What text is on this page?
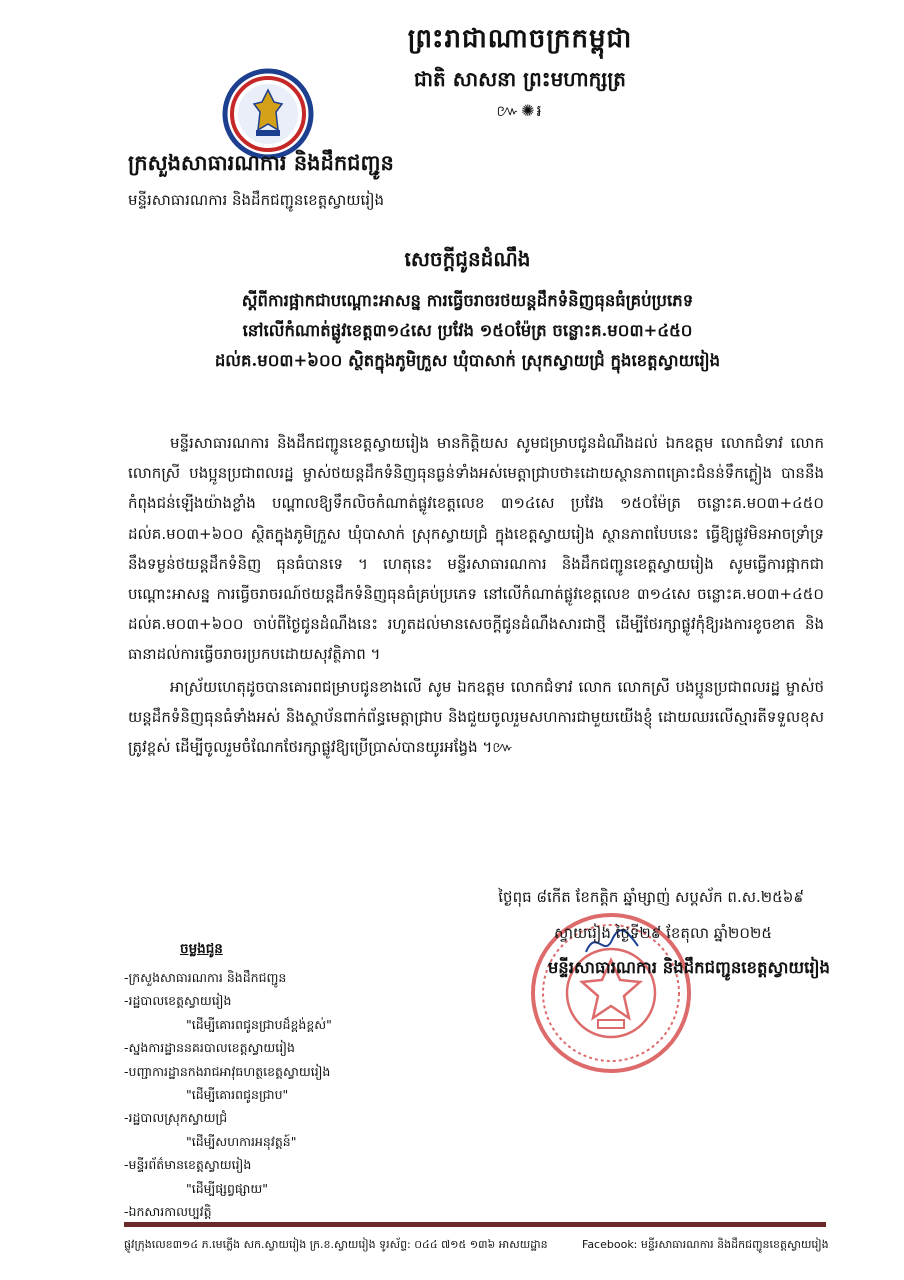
ព្រះរាជាណាចក្រកម្ពុជា
ជាតិ សាសនា ព្រះមហាក្សត្រ
៚✺៛
ក្រសួងសាធារណការ និងដឹកជញ្ជូន
មន្ទីរសាធារណការ និងដឹកជញ្ជូនខេត្តស្វាយរៀង
សេចក្ដីជូនដំណឹង
ស្ដីពីការផ្អាកជាបណ្ដោះអាសន្ន ការធ្វើចរាចរថយន្តដឹកទំនិញធុនធំគ្រប់ប្រភេទ
នៅលើកំណាត់ផ្លូវខេត្ត៣១៤សេ ប្រវែង ១៥០ម៉ែត្រ ចន្លោះគ.ម០៣+៤៥០
ដល់គ.ម០៣+៦០០ ស្ថិតក្នុងភូមិក្រួស ឃុំបាសាក់ ស្រុកស្វាយជ្រំ ក្នុងខេត្តស្វាយរៀង

មន្ទីរសាធារណការ និងដឹកជញ្ជូនខេត្តស្វាយរៀង មានកិត្តិយស សូមជម្រាបជូនដំណឹងដល់ ឯកឧត្តម លោកជំទាវ លោក លោកស្រី បងប្អូនប្រជាពលរដ្ឋ ម្ចាស់ថយន្តដឹកទំនិញធុនធ្ងន់ទាំងអស់មេត្តាជ្រាបថា៖ដោយស្ថានភាពគ្រោះជំនន់ទឹកភ្លៀង បាននឹងកំពុងជន់ឡើងយ៉ាងខ្លាំង បណ្ដាលឱ្យទឹកលិចកំណាត់ផ្លូវខេត្តលេខ ៣១៤សេ ប្រវែង ១៥០ម៉ែត្រ ចន្លោះគ.ម០៣+៤៥០ ដល់គ.ម០៣+៦០០ ស្ថិតក្នុងភូមិក្រួស ឃុំបាសាក់ ស្រុកស្វាយជ្រំ ក្នុងខេត្តស្វាយរៀង ស្ថានភាពបែបនេះ ធ្វើឱ្យផ្លូវមិនអាចទ្រាំទ្រនឹងទម្ងន់ថយន្តដឹកទំនិញ ធុនធំបានទេ ។ ហេតុនេះ មន្ទីរសាធារណការ និងដឹកជញ្ជូនខេត្តស្វាយរៀង សូមធ្វើការផ្អាកជាបណ្ដោះអាសន្ន ការធ្វើចរាចរណ៍ថយន្តដឹកទំនិញធុនធំគ្រប់ប្រភេទ នៅលើកំណាត់ផ្លូវខេត្តលេខ ៣១៤សេ ចន្លោះគ.ម០៣+៤៥០ ដល់គ.ម០៣+៦០០ ចាប់ពីថ្ងៃជូនដំណឹងនេះ រហូតដល់មានសេចក្ដីជូនដំណឹងសារជាថ្មី ដើម្បីថែរក្សាផ្លូវកុំឱ្យរងការខូចខាត និងធានាដល់ការធ្វើចរាចរប្រកបដោយសុវត្ថិភាព ។

អាស្រ័យហេតុដូចបានគោរពជម្រាបជូនខាងលើ សូម ឯកឧត្តម លោកជំទាវ លោក លោកស្រី បងប្អូនប្រជាពលរដ្ឋ ម្ចាស់ថយន្តដឹកទំនិញធុនធំទាំងអស់ និងស្ថាប័នពាក់ព័ន្ធមេត្តាជ្រាប និងជួយចូលរួមសហការជាមួយយើងខ្ញុំ ដោយឈរលើស្មារតីទទួលខុសត្រូវខ្ពស់ ដើម្បីចូលរួមចំណែកថែរក្សាផ្លូវឱ្យប្រើប្រាស់បានយូរអង្វែង ។៚

ចម្លងជូន
-ក្រសួងសាធារណការ និងដឹកជញ្ជូន
-រដ្ឋបាលខេត្តស្វាយរៀង
"ដើម្បីគោរពជូនជ្រាបដ៏ខ្ពង់ខ្ពស់"
-ស្នងការដ្ឋាននគរបាលខេត្តស្វាយរៀង
-បញ្ជាការដ្ឋានកងរាជអាវុធហត្ថខេត្តស្វាយរៀង
"ដើម្បីគោរពជូនជ្រាប"
-រដ្ឋបាលស្រុកស្វាយជ្រំ
"ដើម្បីសហការអនុវត្តន៍"
-មន្ទីរព័ត៌មានខេត្តស្វាយរៀង
"ដើម្បីផ្សព្វផ្សាយ"
-ឯកសារកាលប្បវត្តិ
ថ្ងៃពុធ ៨កើត ខែកត្តិក ឆ្នាំម្សាញ់ សប្ដស័ក ព.ស.២៥៦៩
ស្វាយរៀង ថ្ងៃទី២៩ ខែតុលា ឆ្នាំ២០២៥
មន្ទីរសាធារណការ និងដឹកជញ្ជូនខេត្តស្វាយរៀង
ផ្លូវក្រុងលេខ៣១៤ ភ.មេភ្លើង សក.ស្វាយរៀង ក្រ.ខ.ស្វាយរៀង ទូរស័ព្ទ: ០៤៤ ៧១៥ ១៣៦ អាសយដ្ឋាន	Facebook: មន្ទីរសាធារណការ និងដឹកជញ្ជូនខេត្តស្វាយរៀង
